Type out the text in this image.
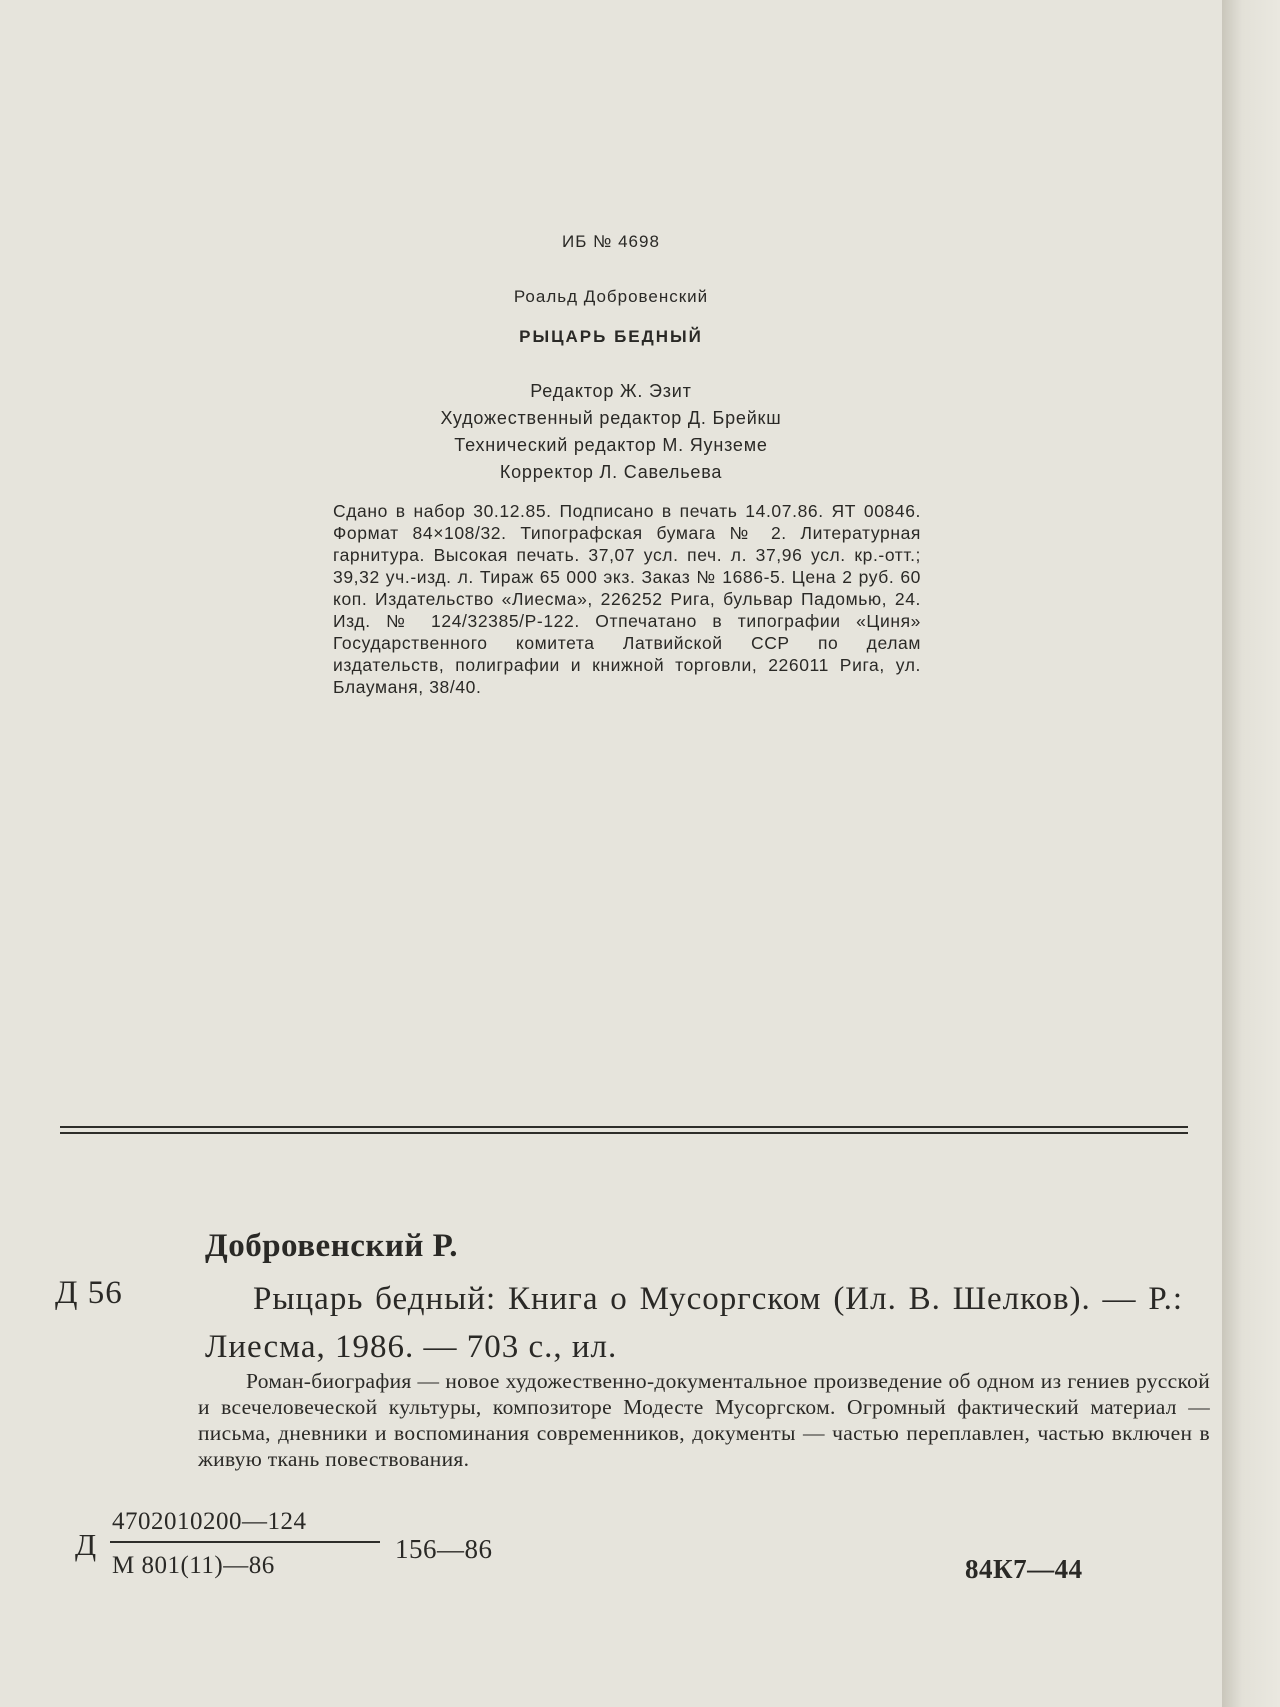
ИБ № 4698
Роальд Добровенский
РЫЦАРЬ БЕДНЫЙ
Редактор Ж. Эзит
Художественный редактор Д. Брейкш
Технический редактор М. Яунземе
Корректор Л. Савельева
Сдано в набор 30.12.85. Подписано в печать 14.07.86. ЯТ 00846. Формат 84×108/32. Типографская бумага № 2. Литературная гарнитура. Высокая печать. 37,07 усл. печ. л. 37,96 усл. кр.-отт.; 39,32 уч.-изд. л. Тираж 65 000 экз. Заказ № 1686-5. Цена 2 руб. 60 коп. Издательство «Лиесма», 226252 Рига, бульвар Падомью, 24. Изд. № 124/32385/Р-122. Отпечатано в типографии «Циня» Государственного комитета Латвийской ССР по делам издательств, полиграфии и книжной торговли, 226011 Рига, ул. Блауманя, 38/40.
Добровенский Р.
Д 56	Рыцарь бедный: Книга о Мусоргском (Ил. В. Шелков). — Р.: Лиесма, 1986. — 703 с., ил.
Роман-биография — новое художественно-документальное произведение об одном из гениев русской и всечеловеческой культуры, композиторе Модесте Мусоргском. Огромный фактический материал — письма, дневники и воспоминания современников, документы — частью переплавлен, частью включен в живую ткань повествования.
Д
4702010200—124
М 801(11)—86
156—86
84К7—44
